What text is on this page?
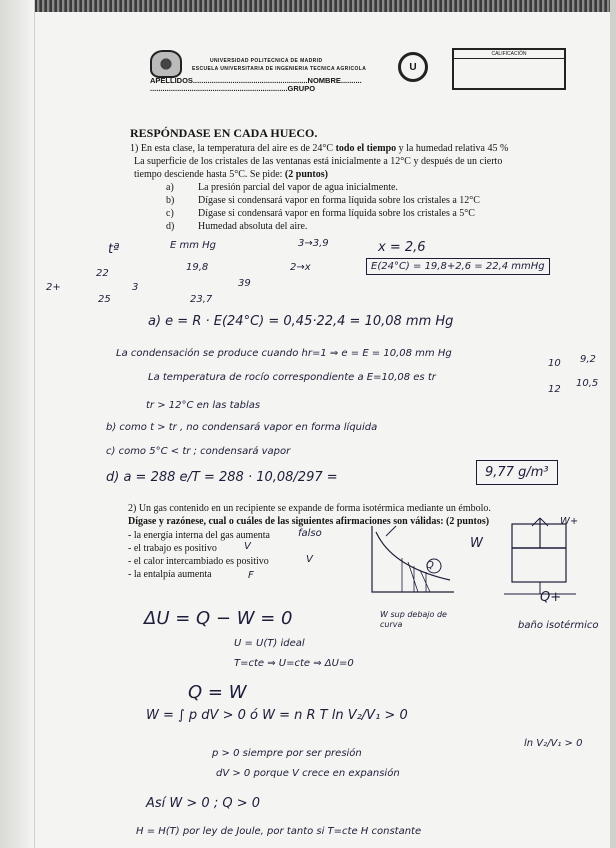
UNIVERSIDAD POLITECNICA DE MADRID
ESCUELA UNIVERSITARIA DE INGENIERIA TECNICA AGRICOLA	U
CALIFICACIÓN
APELLIDOS.......................................................NOMBRE..........
..................................................................GRUPO
RESPÓNDASE EN CADA HUECO.
1) En esta clase, la temperatura del aire es de 24°C todo el tiempo y la humedad relativa 45 %
La superficie de los cristales de las ventanas está inicialmente a 12°C y después de un cierto
tiempo desciende hasta 5°C. Se pide: (2 puntos)
a) La presión parcial del vapor de agua inicialmente.
b) Dígase si condensará vapor en forma líquida sobre los cristales a 12°C
c) Dígase si condensará vapor en forma líquida sobre los cristales a 5°C
d) Humedad absoluta del aire.
tª	E mm Hg	3→3,9
2→x
x = 2,6
E(24°C) = 19,8+2,6 = 22,4 mmHg
2+
22
25
3
19,8
23,7
39
a) e = R · E(24°C) = 0,45·22,4 = 10,08 mm Hg
La condensación se produce cuando hr=1 ⇒ e = E = 10,08 mm Hg
La temperatura de rocío correspondiente a E=10,08 es tr
10
12
9,2
10,5
tr > 12°C en las tablas
b) como t > tr , no condensará vapor en forma líquida
c) como 5°C < tr ; condensará vapor
d) a = 288 e/T = 288 · 10,08/297 =	9,77 g/m³
2) Un gas contenido en un recipiente se expande de forma isotérmica mediante un émbolo.
Dígase y razónese, cual o cuáles de las siguientes afirmaciones son válidas: (2 puntos)
- la energía interna del gas aumenta
- el trabajo es positivo
- el calor intercambiado es positivo
- la entalpía aumenta
falso
V
V
F
W
Q
W sup debajo de curva
W+
Q+
baño isotérmico
ΔU = Q − W = 0
U = U(T) ideal
T=cte ⇒ U=cte ⇒ ΔU=0
Q = W
W = ∫ p dV > 0 ó W = n R T ln V₂/V₁ > 0
ln V₂/V₁ > 0
p > 0 siempre por ser presión
dV > 0 porque V crece en expansión
Así W > 0 ; Q > 0
H = H(T) por ley de Joule, por tanto si T=cte H constante
